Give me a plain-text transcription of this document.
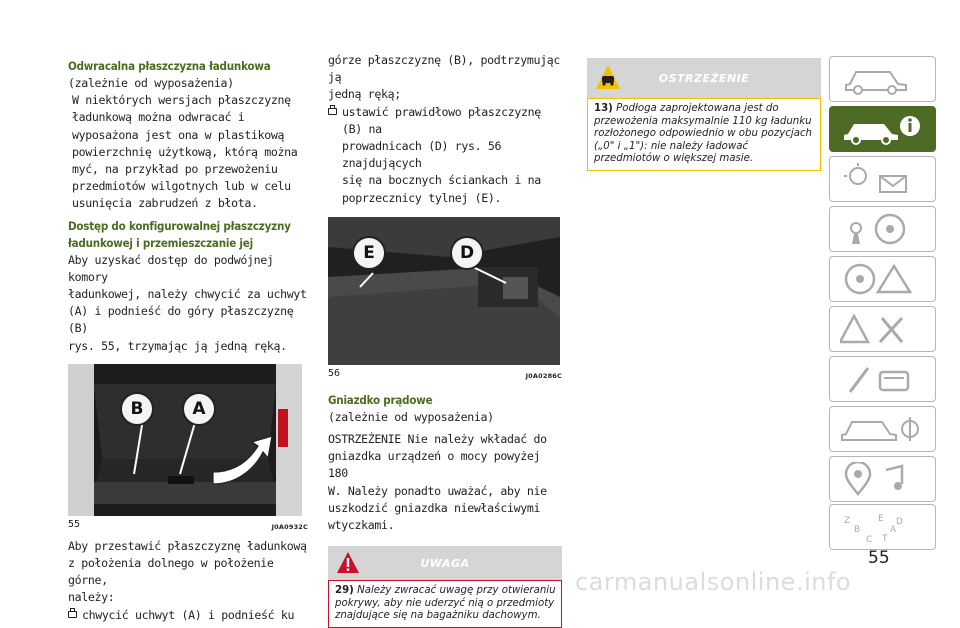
Odwracalna płaszczyzna ładunkowa

(zależnie od wyposażenia)

W niektórych wersjach płaszczyznę
ładunkową można odwracać i
wyposażona jest ona w plastikową
powierzchnię użytkową, którą można
myć, na przykład po przewożeniu
przedmiotów wilgotnych lub w celu
usunięcia zabrudzeń z błota.

Dostęp do konfigurowalnej płaszczyzny ładunkowej i przemieszczanie jej

Aby uzyskać dostęp do podwójnej komory
ładunkowej, należy chwycić za uchwyt
(A) i podnieść do góry płaszczyznę (B)
rys. 55, trzymając ją jedną ręką.

B	A
55	J0A0932C

Aby przestawić płaszczyznę ładunkową
z położenia dolnego w położenie górne,
należy:

chwycić uchwyt (A) i podnieść ku

górze płaszczyznę (B), podtrzymując ją
jedną ręką;

ustawić prawidłowo płaszczyznę (B) na
prowadnicach (D) rys. 56 znajdujących
się na bocznych ściankach i na
poprzecznicy tylnej (E).

E	D
56	J0A0286C
Gniazdko prądowe

(zależnie od wyposażenia)

OSTRZEŻENIE Nie należy wkładać do
gniazdka urządzeń o mocy powyżej 180
W. Należy ponadto uważać, aby nie
uszkodzić gniazdka niewłaściwymi
wtyczkami.

UWAGA
29) Należy zwracać uwagę przy otwieraniu pokrywy, aby nie uderzyć nią o przedmioty znajdujące się na bagażniku dachowym.
OSTRZEŻENIE
13) Podłoga zaprojektowana jest do przewożenia maksymalnie 110 kg ładunku rozłożonego odpowiednio w obu pozycjach („0" i „1"): nie należy ładować przedmiotów o większej masie.
Z	E
B
C T
A
D
55
carmanualsonline.info
